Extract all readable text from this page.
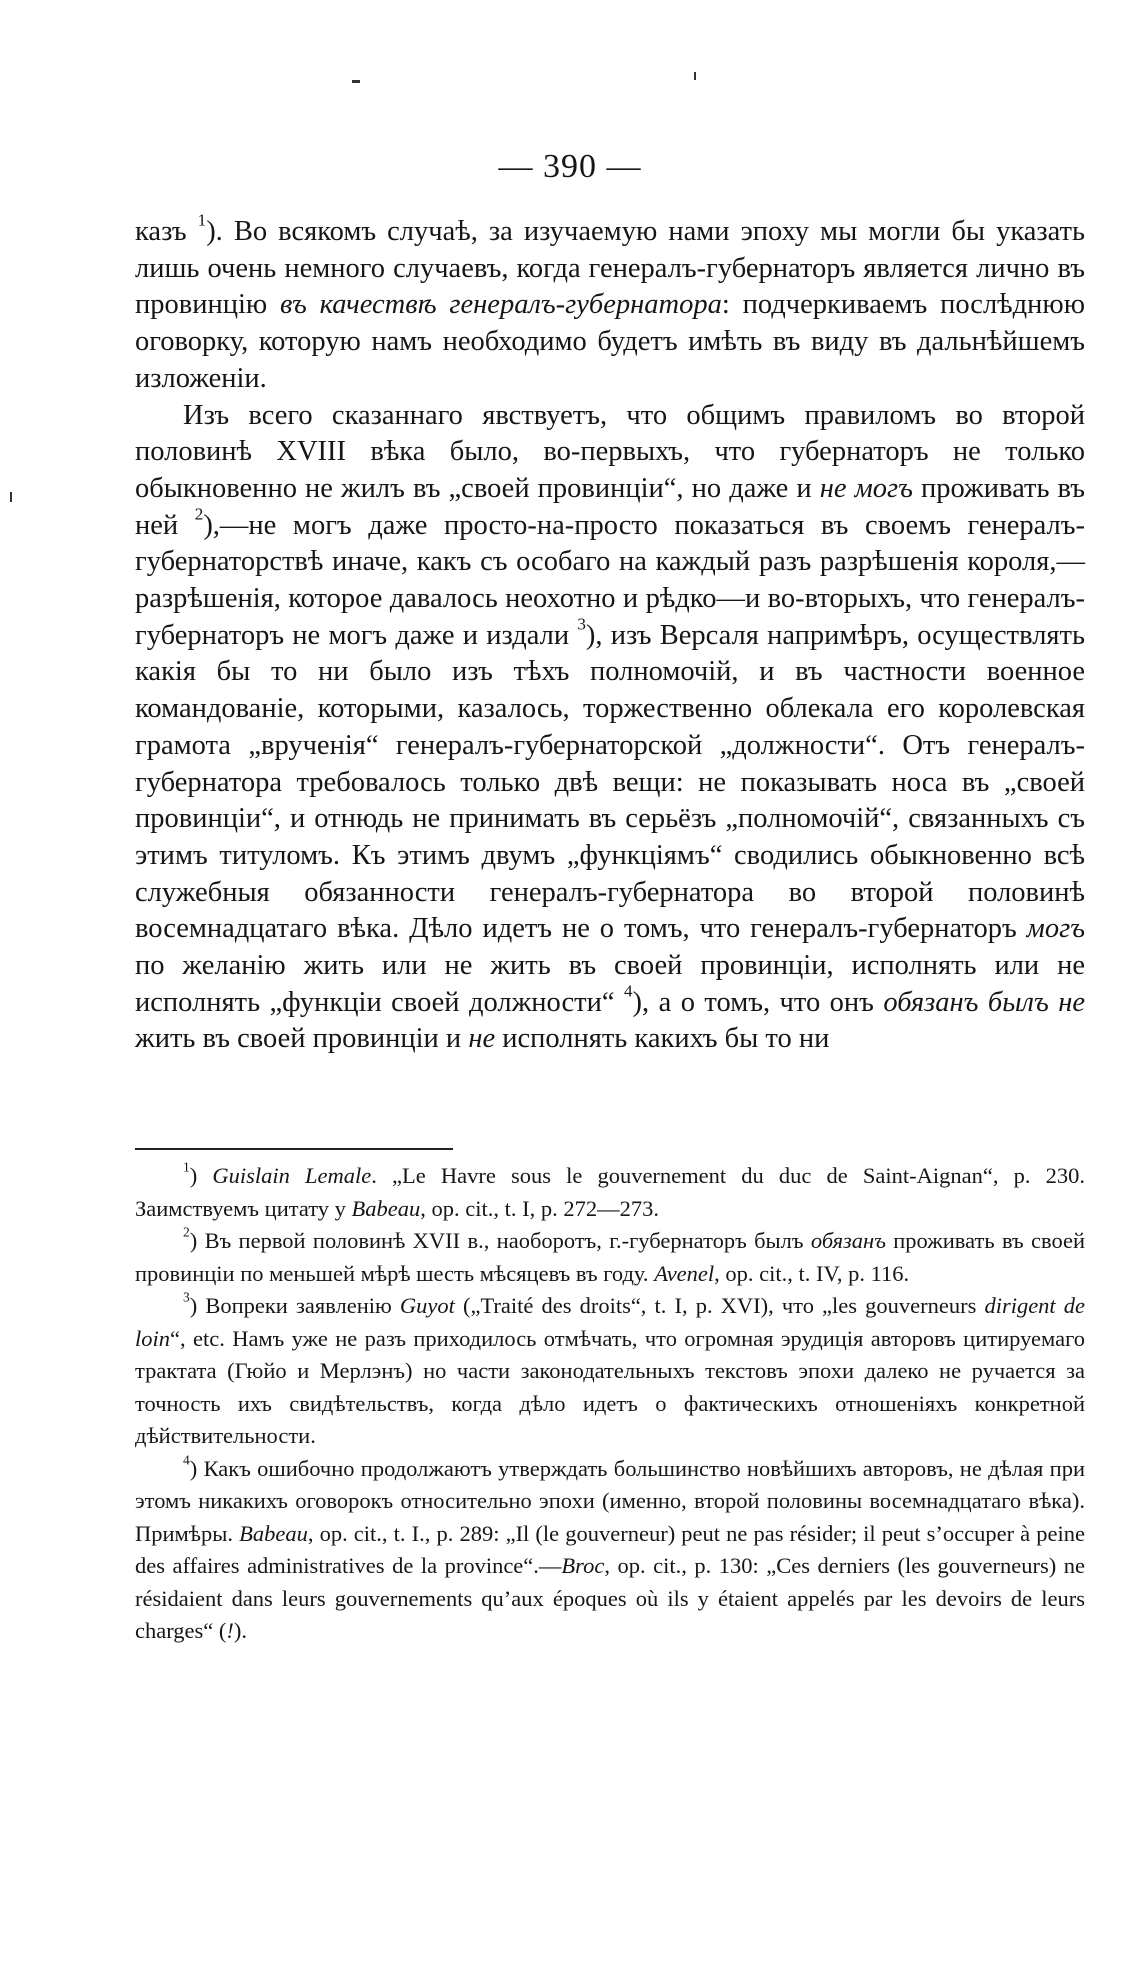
— 390 —

казъ $^1$). Во всякомъ случаѣ, за изучаемую нами эпоху мы могли бы указать лишь очень немного случаевъ, когда генералъ-губернаторъ является лично въ провинцію въ качествѣ генералъ-губернатора: подчеркиваемъ послѣднюю оговорку, которую намъ необходимо будетъ имѣть въ виду въ дальнѣйшемъ изложеніи.

Изъ всего сказаннаго явствуетъ, что общимъ правиломъ во второй половинѣ XVIII вѣка было, во-первыхъ, что губернаторъ не только обыкновенно не жилъ въ „своей провинціи“, но даже и не могъ проживать въ ней $^2$),—не могъ даже просто-на-просто показаться въ своемъ генералъ-губернаторствѣ иначе, какъ съ особаго на каждый разъ разрѣшенія короля,—разрѣшенія, которое давалось неохотно и рѣдко—и во-вторыхъ, что генералъ-губернаторъ не могъ даже и издали $^3$), изъ Версаля напримѣръ, осуществлять какія бы то ни было изъ тѣхъ полномочій, и въ частности военное командованіе, которыми, казалось, торжественно облекала его королевская грамота „врученія“ генералъ-губернаторской „должности“. Отъ генералъ-губернатора требовалось только двѣ вещи: не показывать носа въ „своей провинціи“, и отнюдь не принимать въ серьёзъ „полномочій“, связанныхъ съ этимъ титуломъ. Къ этимъ двумъ „функціямъ“ сводились обыкновенно всѣ служебныя обязанности генералъ-губернатора во второй половинѣ восемнадцатаго вѣка. Дѣло идетъ не о томъ, что генералъ-губернаторъ могъ по желанію жить или не жить въ своей провинціи, исполнять или не исполнять „функціи своей должности“ $^4$), а о томъ, что онъ обязанъ былъ не жить въ своей провинціи и не исполнять какихъ бы то ни

$^1$) Guislain Lemale. „Le Havre sous le gouvernement du duc de Saint-Aignan“, p. 230. Заимствуемъ цитату у Babeau, op. cit., t. I, p. 272—273.

$^2$) Въ первой половинѣ XVII в., наоборотъ, г.-губернаторъ былъ обязанъ проживать въ своей провинціи по меньшей мѣрѣ шесть мѣсяцевъ въ году. Avenel, op. cit., t. IV, p. 116.

$^3$) Вопреки заявленію Guyot („Traité des droits“, t. I, p. XVI), что „les gouverneurs dirigent de loin“, etc. Намъ уже не разъ приходилось отмѣчать, что огромная эрудиція авторовъ цитируемаго трактата (Гюйо и Мерлэнъ) но части законодательныхъ текстовъ эпохи далеко не ручается за точность ихъ свидѣтельствъ, когда дѣло идетъ о фактическихъ отношеніяхъ конкретной дѣйствительности.

$^4$) Какъ ошибочно продолжаютъ утверждать большинство новѣйшихъ авторовъ, не дѣлая при этомъ никакихъ оговорокъ относительно эпохи (именно, второй половины восемнадцатаго вѣка). Примѣры. Babeau, op. cit., t. I., p. 289: „Il (le gouverneur) peut ne pas résider; il peut s’occuper à peine des affaires administratives de la province“.—Broc, op. cit., p. 130: „Ces derniers (les gouverneurs) ne résidaient dans leurs gouvernements qu’aux époques où ils y étaient appelés par les devoirs de leurs charges“ (!).
